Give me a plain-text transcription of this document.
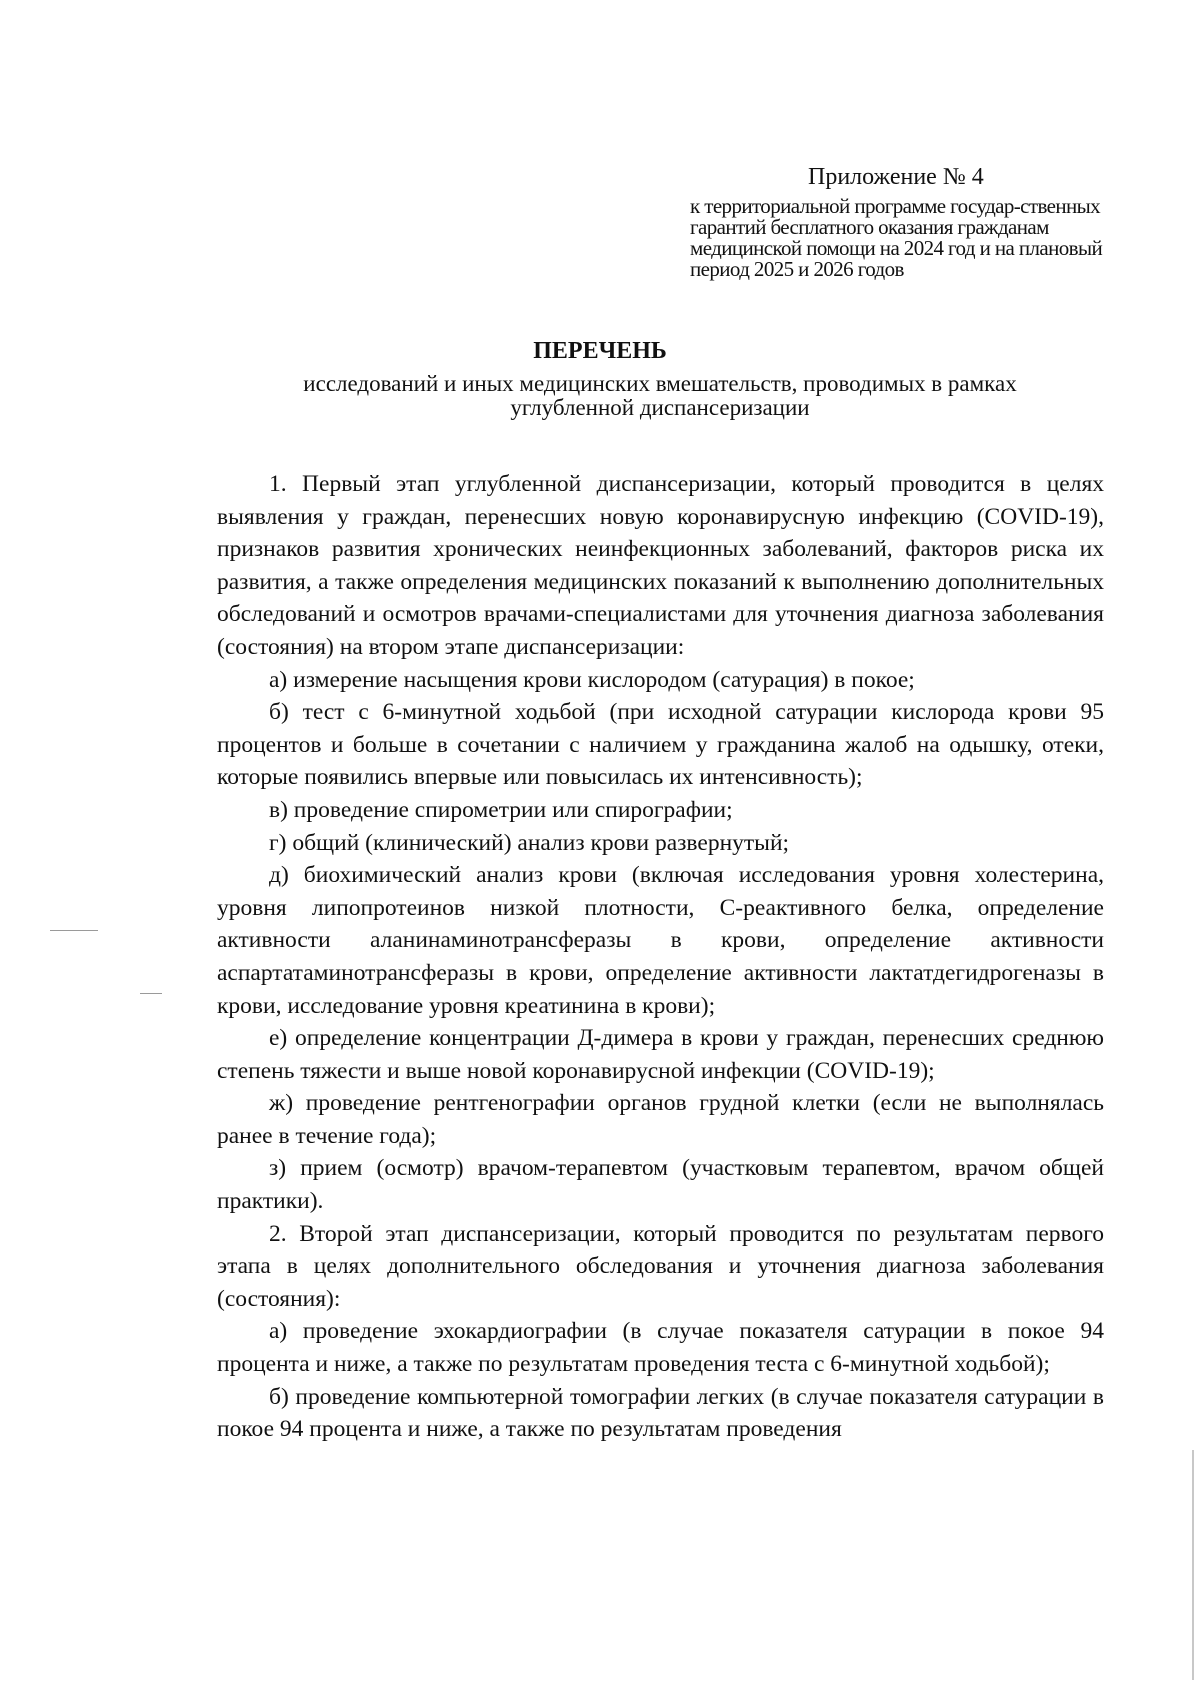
Приложение № 4
к территориальной программе государ-ственных гарантий бесплатного оказания гражданам медицинской помощи на 2024 год и на плановый период 2025 и 2026 годов
ПЕРЕЧЕНЬ
исследований и иных медицинских вмешательств, проводимых в рамках углубленной диспансеризации

1. Первый этап углубленной диспансеризации, который проводится в целях выявления у граждан, перенесших новую коронавирусную инфекцию (COVID-19), признаков развития хронических неинфекционных заболеваний, факторов риска их развития, а также определения медицинских показаний к выполнению дополнительных обследований и осмотров врачами-специалистами для уточнения диагноза заболевания (состояния) на втором этапе диспансеризации:

а) измерение насыщения крови кислородом (сатурация) в покое;

б) тест с 6-минутной ходьбой (при исходной сатурации кислорода крови 95 процентов и больше в сочетании с наличием у гражданина жалоб на одышку, отеки, которые появились впервые или повысилась их интенсивность);

в) проведение спирометрии или спирографии;

г) общий (клинический) анализ крови развернутый;

д) биохимический анализ крови (включая исследования уровня холестерина, уровня липопротеинов низкой плотности, С-реактивного белка, определение активности аланинаминотрансферазы в крови, определение активности аспартатаминотрансферазы в крови, определение активности лактатдегидрогеназы в крови, исследование уровня креатинина в крови);

е) определение концентрации Д-димера в крови у граждан, перенесших среднюю степень тяжести и выше новой коронавирусной инфекции (COVID-19);

ж) проведение рентгенографии органов грудной клетки (если не выполнялась ранее в течение года);

з) прием (осмотр) врачом-терапевтом (участковым терапевтом, врачом общей практики).

2. Второй этап диспансеризации, который проводится по результатам первого этапа в целях дополнительного обследования и уточнения диагноза заболевания (состояния):

а) проведение эхокардиографии (в случае показателя сатурации в покое 94 процента и ниже, а также по результатам проведения теста с 6-минутной ходьбой);

б) проведение компьютерной томографии легких (в случае показателя сатурации в покое 94 процента и ниже, а также по результатам проведения
